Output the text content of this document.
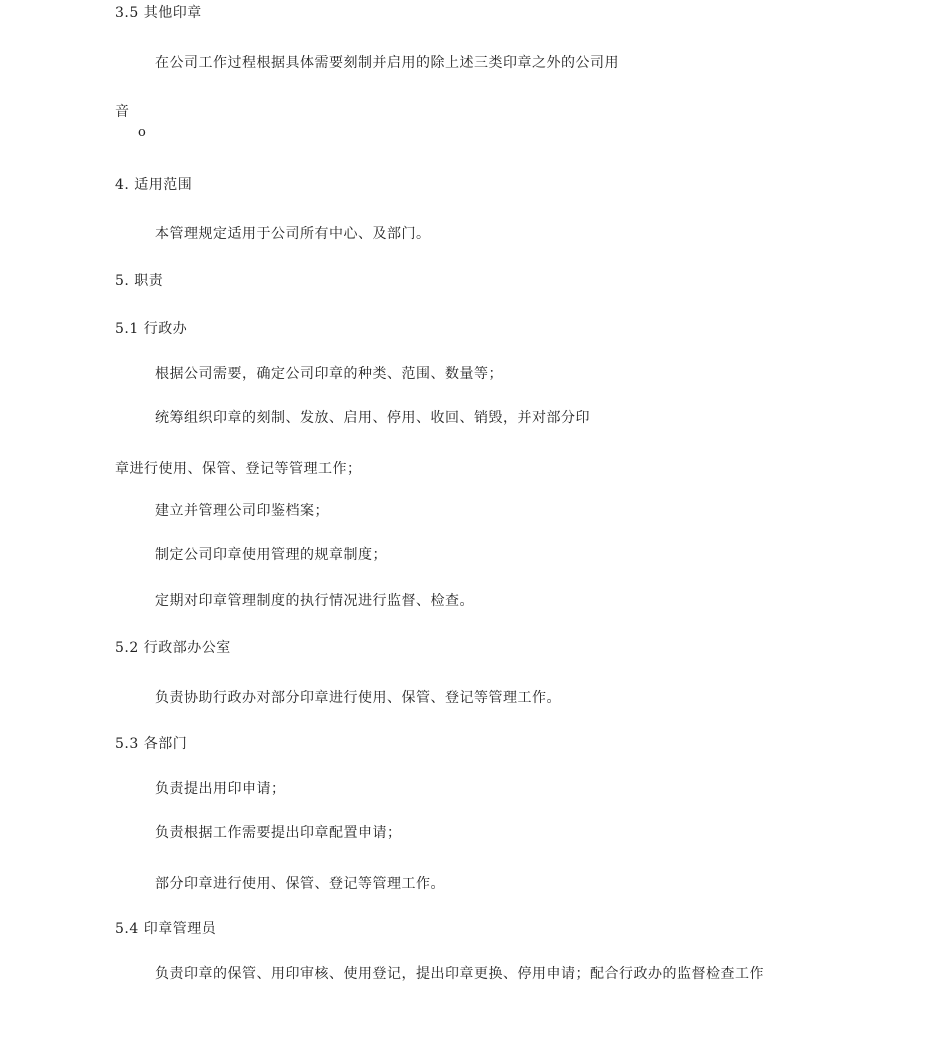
3.5 其他印章
在公司工作过程根据具体需要刻制并启用的除上述三类印章之外的公司用
音
o
4. 适用范围
本管理规定适用于公司所有中心、及部门。
5. 职责
5.1 行政办
根据公司需要，确定公司印章的种类、范围、数量等；
统筹组织印章的刻制、发放、启用、停用、收回、销毁，并对部分印
章进行使用、保管、登记等管理工作；
建立并管理公司印鉴档案；
制定公司印章使用管理的规章制度；
定期对印章管理制度的执行情况进行监督、检查。
5.2 行政部办公室
负责协助行政办对部分印章进行使用、保管、登记等管理工作。
5.3 各部门
负责提出用印申请；
负责根据工作需要提出印章配置申请；
部分印章进行使用、保管、登记等管理工作。
5.4 印章管理员
负责印章的保管、用印审核、使用登记，提出印章更换、停用申请；配合行政办的监督检查工作
